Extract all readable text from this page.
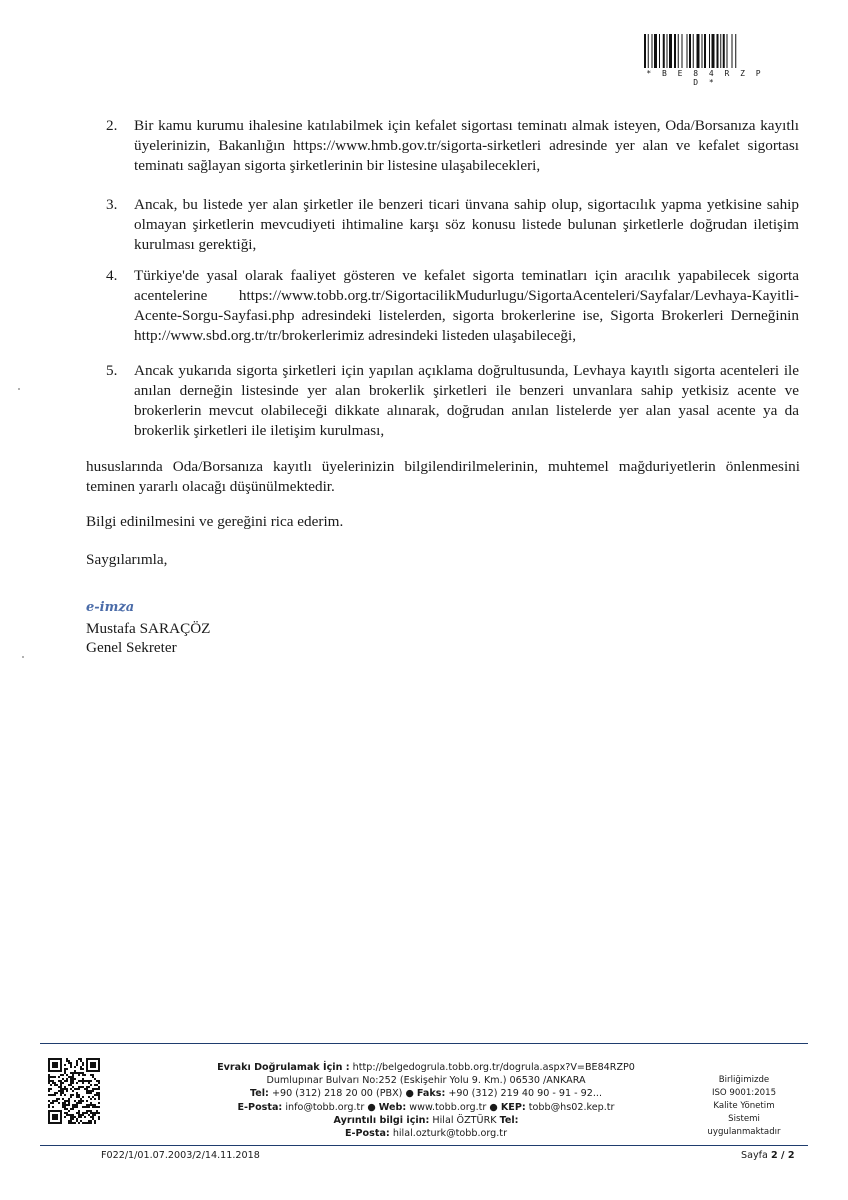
* B E 8 4 R Z P D *
2.	Bir kamu kurumu ihalesine katılabilmek için kefalet sigortası teminatı almak isteyen, Oda/Borsanıza kayıtlı üyelerinizin, Bakanlığın https://www.hmb.gov.tr/sigorta-sirketleri adresinde yer alan ve kefalet sigortası teminatı sağlayan sigorta şirketlerinin bir listesine ulaşabilecekleri,
3.	Ancak, bu listede yer alan şirketler ile benzeri ticari ünvana sahip olup, sigortacılık yapma yetkisine sahip olmayan şirketlerin mevcudiyeti ihtimaline karşı söz konusu listede bulunan şirketlerle doğrudan iletişim kurulması gerektiği,
4.	Türkiye'de yasal olarak faaliyet gösteren ve kefalet sigorta teminatları için aracılık yapabilecek sigorta acentelerine https://www.tobb.org.tr/SigortacilikMudurlugu/SigortaAcenteleri/Sayfalar/Levhaya-Kayitli-Acente-Sorgu-Sayfasi.php adresindeki listelerden, sigorta brokerlerine ise, Sigorta Brokerleri Derneğinin http://www.sbd.org.tr/tr/brokerlerimiz adresindeki listeden ulaşabileceği,
5.	Ancak yukarıda sigorta şirketleri için yapılan açıklama doğrultusunda, Levhaya kayıtlı sigorta acenteleri ile anılan derneğin listesinde yer alan brokerlik şirketleri ile benzeri unvanlara sahip yetkisiz acente ve brokerlerin mevcut olabileceği dikkate alınarak, doğrudan anılan listelerde yer alan yasal acente ya da brokerlik şirketleri ile iletişim kurulması,
hususlarında Oda/Borsanıza kayıtlı üyelerinizin bilgilendirilmelerinin, muhtemel mağduriyetlerin önlenmesini teminen yararlı olacağı düşünülmektedir.
Bilgi edinilmesini ve gereğini rica ederim.
Saygılarımla,
e-imza
Mustafa SARAÇÖZ
Genel Sekreter
Evrakı Doğrulamak İçin : http://belgedogrula.tobb.org.tr/dogrula.aspx?V=BE84RZP0
Dumlupınar Bulvarı No:252 (Eskişehir Yolu 9. Km.) 06530 /ANKARA
Tel: +90 (312) 218 20 00 (PBX) ● Faks: +90 (312) 219 40 90 - 91 - 92...
E-Posta: info@tobb.org.tr ● Web: www.tobb.org.tr ● KEP: tobb@hs02.kep.tr
Ayrıntılı bilgi için: Hilal ÖZTÜRK Tel:
E-Posta: hilal.ozturk@tobb.org.tr
Birliğimizde
ISO 9001:2015
Kalite Yönetim
Sistemi
uygulanmaktadır
F022/1/01.07.2003/2/14.11.2018	Sayfa 2 / 2
